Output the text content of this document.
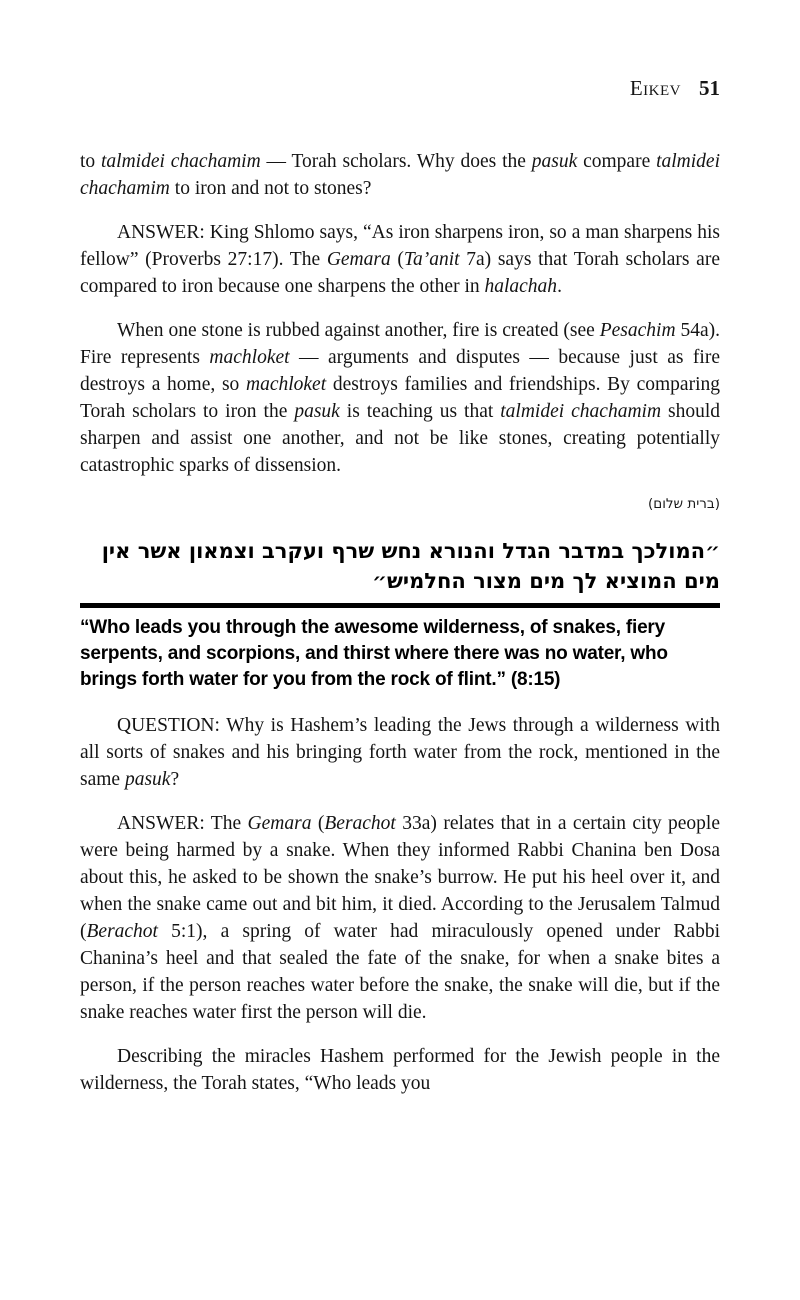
Eikev 51

to talmidei chachamim — Torah scholars. Why does the pasuk compare talmidei chachamim to iron and not to stones?

ANSWER: King Shlomo says, “As iron sharpens iron, so a man sharpens his fellow” (Proverbs 27:17). The Gemara (Ta’anit 7a) says that Torah scholars are compared to iron because one sharpens the other in halachah.

When one stone is rubbed against another, fire is created (see Pesachim 54a). Fire represents machloket — arguments and disputes — because just as fire destroys a home, so machloket destroys families and friendships. By comparing Torah scholars to iron the pasuk is teaching us that talmidei chachamim should sharpen and assist one another, and not be like stones, creating potentially catastrophic sparks of dissension.

(ברית שלום)
״המולכך במדבר הגדל והנורא נחש שרף ועקרב וצמאון אשר אין מים המוציא לך מים מצור החלמיש״

“Who leads you through the awesome wilderness, of snakes, fiery serpents, and scorpions, and thirst where there was no water, who brings forth water for you from the rock of flint.” (8:15)

QUESTION: Why is Hashem’s leading the Jews through a wilderness with all sorts of snakes and his bringing forth water from the rock, mentioned in the same pasuk?

ANSWER: The Gemara (Berachot 33a) relates that in a certain city people were being harmed by a snake. When they informed Rabbi Chanina ben Dosa about this, he asked to be shown the snake’s burrow. He put his heel over it, and when the snake came out and bit him, it died. According to the Jerusalem Talmud (Berachot 5:1), a spring of water had miraculously opened under Rabbi Chanina’s heel and that sealed the fate of the snake, for when a snake bites a person, if the person reaches water before the snake, the snake will die, but if the snake reaches water first the person will die.

Describing the miracles Hashem performed for the Jewish people in the wilderness, the Torah states, “Who leads you
